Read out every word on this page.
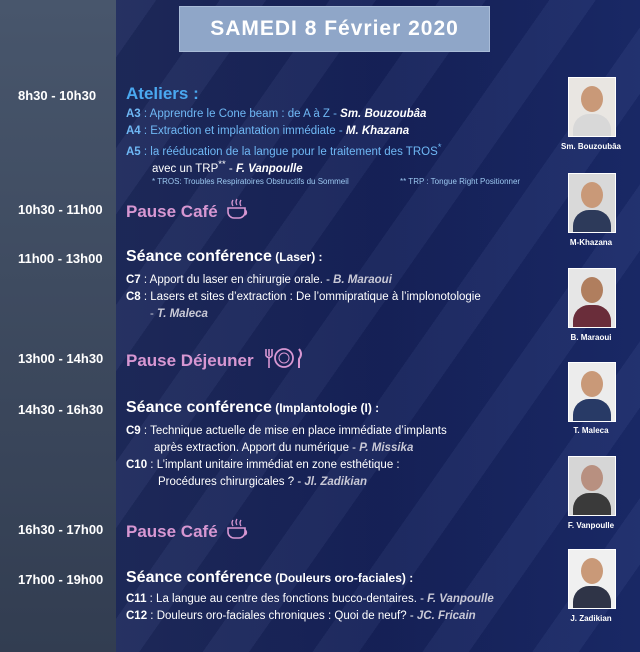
SAMEDI 8 Février 2020
8h30 - 10h30	Ateliers :
A3 : Apprendre le Cone beam : de A à Z - Sm. Bouzoubâa
A4 : Extraction et implantation immédiate - M. Khazana
A5 : la rééducation de la langue pour le traitement des TROS*
avec un TRP** - F. Vanpoulle
* TROS: Troubles Respiratoires Obstructifs du Sommeil	** TRP : Tongue Right Positionner
10h30 - 11h00	Pause Café
11h00 - 13h00	Séance conférence (Laser) :
C7 : Apport du laser en chirurgie orale. - B. Maraoui
C8 : Lasers et sites d’extraction : De l’ommipratique à l’implonotologie
- T. Maleca
13h00 - 14h30	Pause Déjeuner
14h30 - 16h30	Séance conférence (Implantologie (I) :
C9 : Technique actuelle de mise en place immédiate d’implants
après extraction. Apport du numérique - P. Missika
C10 : L’implant unitaire immédiat en zone esthétique :
Procédures chirurgicales ? - Jl. Zadikian
16h30 - 17h00	Pause Café
17h00 - 19h00	Séance conférence (Douleurs oro-faciales) :
C11 : La langue au centre des fonctions bucco-dentaires. - F. Vanpoulle
C12 : Douleurs oro-faciales chroniques : Quoi de neuf? - JC. Fricain
Sm. Bouzoubâa
M-Khazana
B. Maraoui
T. Maleca
F. Vanpoulle
J. Zadikian
